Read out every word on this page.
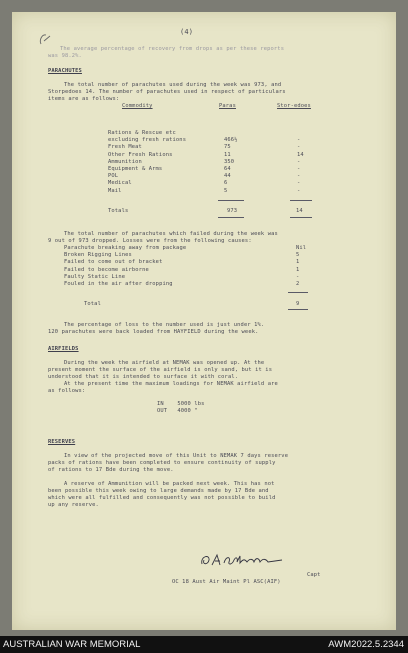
(4)
The average percentage of recovery from drops as per these reports
was 98.2%.
PARACHUTES
The total number of parachutes used during the week was 973, and
Storpedoes 14. The number of parachutes used in respect of particulars
items are as follows:
Commodity	Paras	Stor-edoes
Totals	973	14
The total number of parachutes which failed during the week was
9 out of 973 dropped. Losses were from the following causes:
Total	9
The percentage of loss to the number used is just under 1%.
120 parachutes were back loaded from HAYFIELD during the week.
AIRFIELDS
During the week the airfield at NEMAK was opened up. At the
present moment the surface of the airfield is only sand, but it is
understood that it is intended to surface it with coral.
At the present time the maximum loadings for NEMAK airfield are
as follows:
IN    5000 lbs
OUT   4000 "
RESERVES
In view of the projected move of this Unit to NEMAK 7 days reserve
packs of rations have been completed to ensure continuity of supply
of rations to 17 Bde during the move.
A reserve of Ammunition will be packed next week. This has not
been possible this week owing to large demands made by 17 Bde and
which were all fulfilled and consequently was not possible to build
up any reserve.
Capt
OC 18 Aust Air Maint Pl ASC(AIF)
Rations & Rescue etc
excluding fresh rations	466½	-
Fresh Meat	75	-
Other Fresh Rations	11	14
Ammunition	350	-
Equipment & Arms	64	-
POL	44	-
Medical	6	-
Mail	5	-
Parachute breaking away from package	Nil
Broken Rigging Lines	5
Failed to come out of bracket	1
Failed to become airborne	1
Faulty Static Line	-
Fouled in the air after dropping	2
AUSTRALIAN WAR MEMORIAL	AWM2022.5.2344
